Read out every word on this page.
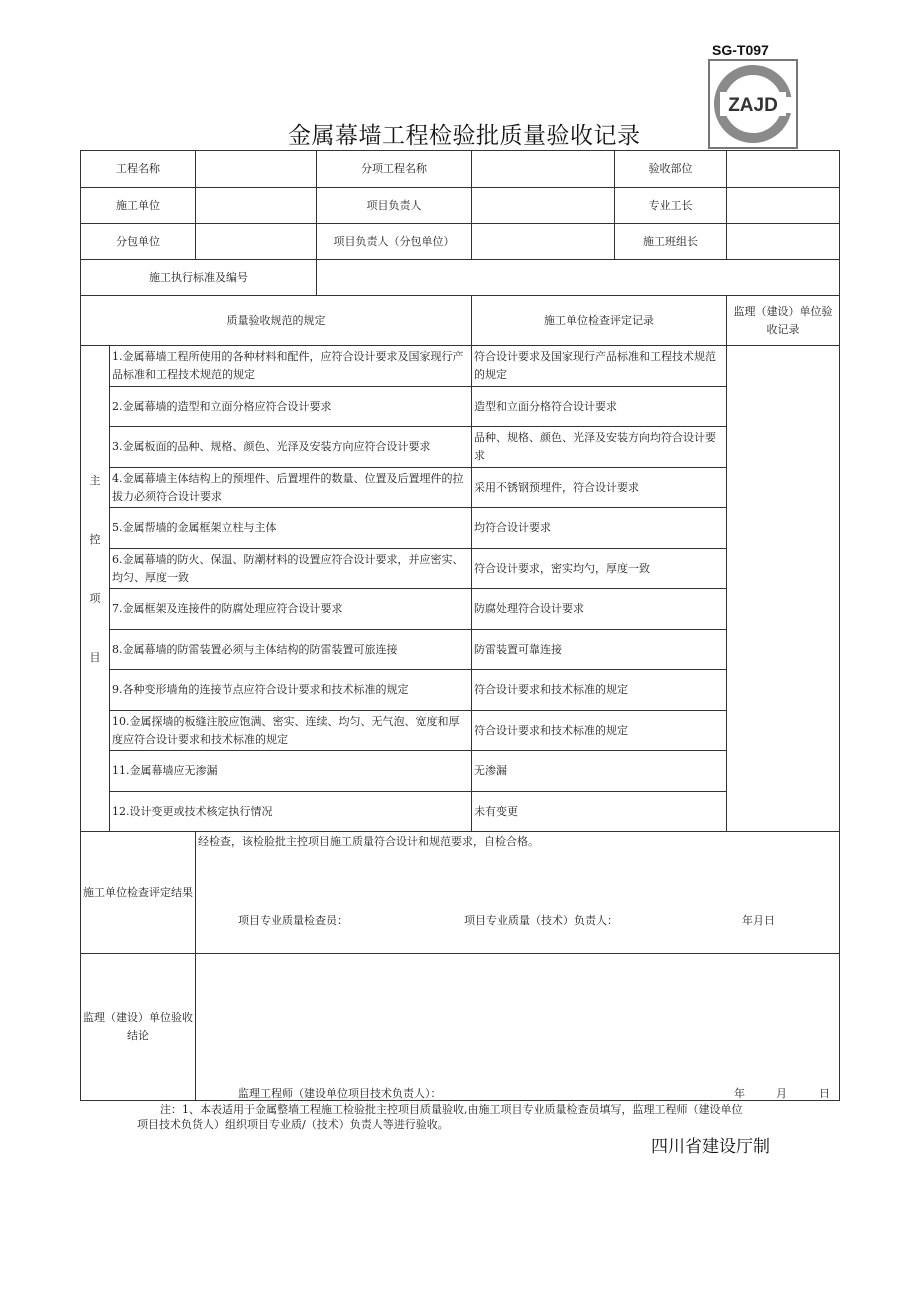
SG-T097
ZAJD
金属幕墙工程检验批质量验收记录
工程名称			分项工程名称		验收部位	
施工单位			项目负责人		专业工长	
分包单位			项目负责人（分包单位）		施工班组长	
施工执行标准及编号						
质量验收规范的规定				施工单位检查评定记录		监理（建设）单位验收记录

主
控
项
目	1.金属幕墙工程所使用的各种材料和配件，应符合设计要求及国家现行产品标准和工程技术规范的规定			符合设计要求及国家现行产品标准和工程技术规范的规定		
	2.金属幕墙的造型和立面分格应符合设计要求			造型和立面分格符合设计要求		
	3.金属板面的品种、规格、颜色、光泽及安装方向应符合设计要求			品种、规格、颜色、光泽及安装方向均符合设计要求		
	4.金属幕墙主体结构上的预埋件、后置埋件的数量、位置及后置埋件的拉拔力必须符合设计要求			采用不锈钢预埋件，符合设计要求		
	5.金属帮墙的金属框架立柱与主体			均符合设计要求		
	6.金属幕墙的防火、保温、防潮材料的设置应符合设计要求，并应密实、均匀、厚度一致			符合设计要求，密实均勺，厚度一致		
	7.金属框架及连接件的防腐处理应符合设计要求			防腐处理符合设计要求		
	8.金属幕墙的防雷装置必须与主体结构的防雷装置可旅连接			防雷装置可靠连接		
	9.各种变形墙角的连接节点应符合设计要求和技术标准的规定			符合设计要求和技术标准的规定		
	10.金属探墙的板缝注胶应饱满、密实、连续、均匀、无气泡、宽度和厚度应符合设计要求和技术标准的规定			符合设计要求和技术标准的规定		
	11.金属幕墙应无渗漏			无渗漏		
	12.设计变更或技术核定执行情况			未有变更		
施工单位检查评定结果		经检查，该检脸批主控项目施工质量符合设计和规范要求，自检合格。
项目专业质量检查员： 项目专业质量（技术）负责人： 年月日				

监理（建设）单位验收结论		监理工程师（建设单位项目技术负责人）： 年 月 日				
注：1、本表适用于金属整墙工程施工检验批主控项目质量验收,由施工项目专业质量检查员填写，监理工程师（建设单位
项目技术负货人）组织项目专业质/（技术）负责人等进行验收。
四川省建设厅制
